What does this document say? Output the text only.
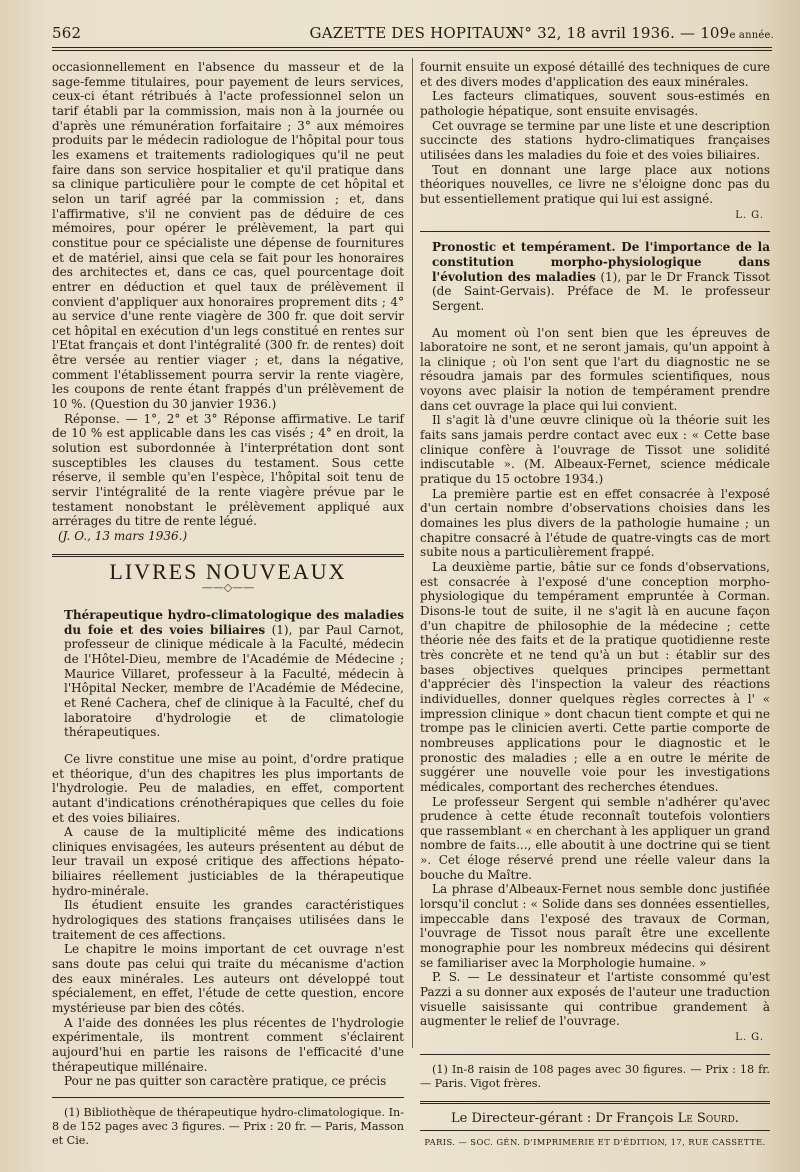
562	GAZETTE DES HOPITAUX
N° 32, 18 avril 1936. — 109e année.

occasionnellement en l'absence du masseur et de la sage-femme titulaires, pour payement de leurs services, ceux-ci étant rétribués à l'acte professionnel selon un tarif établi par la commission, mais non à la journée ou d'après une rémunération forfaitaire ; 3° aux mémoires produits par le médecin radiologue de l'hôpital pour tous les examens et traitements radiologiques qu'il ne peut faire dans son service hospitalier et qu'il pratique dans sa clinique particulière pour le compte de cet hôpital et selon un tarif agréé par la commission ; et, dans l'affirmative, s'il ne convient pas de déduire de ces mémoires, pour opérer le prélèvement, la part qui constitue pour ce spécialiste une dépense de fournitures et de matériel, ainsi que cela se fait pour les honoraires des architectes et, dans ce cas, quel pourcentage doit entrer en déduction et quel taux de prélèvement il convient d'appliquer aux honoraires proprement dits ; 4° au service d'une rente viagère de 300 fr. que doit servir cet hôpital en exécution d'un legs constitué en rentes sur l'Etat français et dont l'intégralité (300 fr. de rentes) doit être versée au rentier viager ; et, dans la négative, comment l'établissement pourra servir la rente viagère, les coupons de rente étant frappés d'un prélèvement de 10 %. (Question du 30 janvier 1936.)

Réponse. — 1°, 2° et 3° Réponse affirmative. Le tarif de 10 % est applicable dans les cas visés ; 4° en droit, la solution est subordonnée à l'interprétation dont sont susceptibles les clauses du testament. Sous cette réserve, il semble qu'en l'espèce, l'hôpital soit tenu de servir l'intégralité de la rente viagère prévue par le testament nonobstant le prélèvement appliqué aux arrérages du titre de rente légué.

(J. O., 13 mars 1936.)

LIVRES NOUVEAUX
——◇——

Thérapeutique hydro-climatologique des maladies du foie et des voies biliaires (1), par Paul Carnot, professeur de clinique médicale à la Faculté, médecin de l'Hôtel-Dieu, membre de l'Académie de Médecine ; Maurice Villaret, professeur à la Faculté, médecin à l'Hôpital Necker, membre de l'Académie de Médecine, et René Cachera, chef de clinique à la Faculté, chef du laboratoire d'hydrologie et de climatologie thérapeutiques.

Ce livre constitue une mise au point, d'ordre pratique et théorique, d'un des chapitres les plus importants de l'hydrologie. Peu de maladies, en effet, comportent autant d'indications crénothérapiques que celles du foie et des voies biliaires.

A cause de la multiplicité même des indications cliniques envisagées, les auteurs présentent au début de leur travail un exposé critique des affections hépato-biliaires réellement justiciables de la thérapeutique hydro-minérale.

Ils étudient ensuite les grandes caractéristiques hydrologiques des stations françaises utilisées dans le traitement de ces affections.

Le chapitre le moins important de cet ouvrage n'est sans doute pas celui qui traite du mécanisme d'action des eaux minérales. Les auteurs ont développé tout spécialement, en effet, l'étude de cette question, encore mystérieuse par bien des côtés.

A l'aide des données les plus récentes de l'hydrologie expérimentale, ils montrent comment s'éclairent aujourd'hui en partie les raisons de l'efficacité d'une thérapeutique millénaire.

Pour ne pas quitter son caractère pratique, ce précis

(1) Bibliothèque de thérapeutique hydro-climatologique. In-8 de 152 pages avec 3 figures. — Prix : 20 fr. — Paris, Masson et Cie.

fournit ensuite un exposé détaillé des techniques de cure et des divers modes d'application des eaux minérales.

Les facteurs climatiques, souvent sous-estimés en pathologie hépatique, sont ensuite envisagés.

Cet ouvrage se termine par une liste et une description succincte des stations hydro-climatiques françaises utilisées dans les maladies du foie et des voies biliaires.

Tout en donnant une large place aux notions théoriques nouvelles, ce livre ne s'éloigne donc pas du but essentiellement pratique qui lui est assigné.

L. G.

Pronostic et tempérament. De l'importance de la constitution morpho-physiologique dans l'évolution des maladies (1), par le Dr Franck Tissot (de Saint-Gervais). Préface de M. le professeur Sergent.

Au moment où l'on sent bien que les épreuves de laboratoire ne sont, et ne seront jamais, qu'un appoint à la clinique ; où l'on sent que l'art du diagnostic ne se résoudra jamais par des formules scientifiques, nous voyons avec plaisir la notion de tempérament prendre dans cet ouvrage la place qui lui convient.

Il s'agit là d'une œuvre clinique où la théorie suit les faits sans jamais perdre contact avec eux : « Cette base clinique confère à l'ouvrage de Tissot une solidité indiscutable ». (M. Albeaux-Fernet, science médicale pratique du 15 octobre 1934.)

La première partie est en effet consacrée à l'exposé d'un certain nombre d'observations choisies dans les domaines les plus divers de la pathologie humaine ; un chapitre consacré à l'étude de quatre-vingts cas de mort subite nous a particulièrement frappé.

La deuxième partie, bâtie sur ce fonds d'observations, est consacrée à l'exposé d'une conception morpho-physiologique du tempérament empruntée à Corman. Disons-le tout de suite, il ne s'agit là en aucune façon d'un chapitre de philosophie de la médecine ; cette théorie née des faits et de la pratique quotidienne reste très concrète et ne tend qu'à un but : établir sur des bases objectives quelques principes permettant d'apprécier dès l'inspection la valeur des réactions individuelles, donner quelques règles correctes à l' « impression clinique » dont chacun tient compte et qui ne trompe pas le clinicien averti. Cette partie comporte de nombreuses applications pour le diagnostic et le pronostic des maladies ; elle a en outre le mérite de suggérer une nouvelle voie pour les investigations médicales, comportant des recherches étendues.

Le professeur Sergent qui semble n'adhérer qu'avec prudence à cette étude reconnaît toutefois volontiers que rassemblant « en cherchant à les appliquer un grand nombre de faits..., elle aboutit à une doctrine qui se tient ». Cet éloge réservé prend une réelle valeur dans la bouche du Maître.

La phrase d'Albeaux-Fernet nous semble donc justifiée lorsqu'il conclut : « Solide dans ses données essentielles, impeccable dans l'exposé des travaux de Corman, l'ouvrage de Tissot nous paraît être une excellente monographie pour les nombreux médecins qui désirent se familiariser avec la Morphologie humaine. »

P. S. — Le dessinateur et l'artiste consommé qu'est Pazzi a su donner aux exposés de l'auteur une traduction visuelle saisissante qui contribue grandement à augmenter le relief de l'ouvrage.

L. G.

(1) In-8 raisin de 108 pages avec 30 figures. — Prix : 18 fr. — Paris. Vigot frères.

Le Directeur-gérant : Dr François Le Sourd.
PARIS. — SOC. GÉN. D'IMPRIMERIE ET D'ÉDITION, 17, RUE CASSETTE.
